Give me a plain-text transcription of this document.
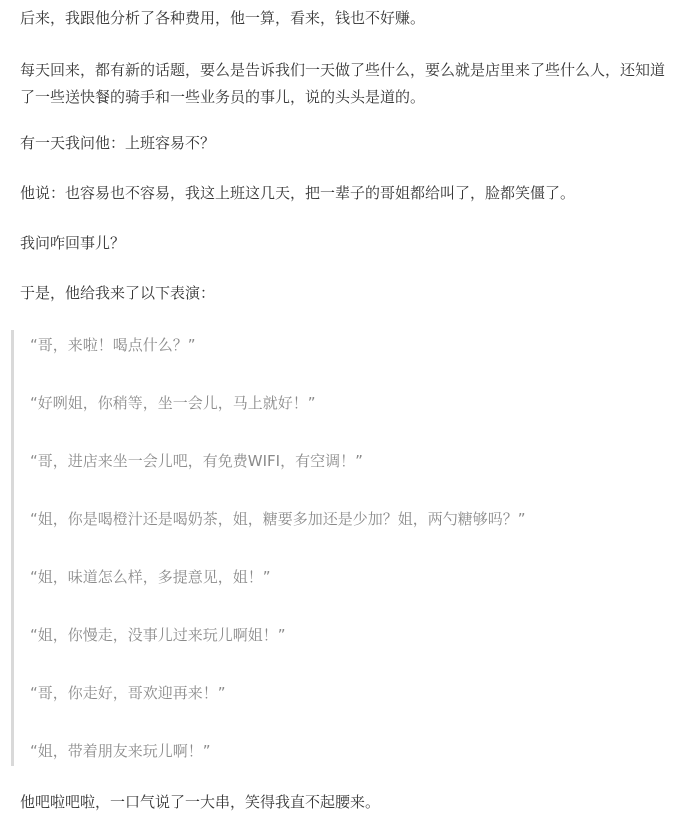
后来，我跟他分析了各种费用，他一算，看来，钱也不好赚。

每天回来，都有新的话题，要么是告诉我们一天做了些什么，要么就是店里来了些什么人，还知道了一些送快餐的骑手和一些业务员的事儿，说的头头是道的。

有一天我问他：上班容易不？

他说：也容易也不容易，我这上班这几天，把一辈子的哥姐都给叫了，脸都笑僵了。

我问咋回事儿？

于是，他给我来了以下表演：

“哥，来啦！喝点什么？”

“好咧姐，你稍等，坐一会儿，马上就好！”

“哥，进店来坐一会儿吧，有免费WIFI，有空调！”

“姐，你是喝橙汁还是喝奶茶，姐，糖要多加还是少加？姐，两勺糖够吗？”

“姐，味道怎么样，多提意见，姐！”

“姐，你慢走，没事儿过来玩儿啊姐！”

“哥，你走好，哥欢迎再来！”

“姐，带着朋友来玩儿啊！”

他吧啦吧啦，一口气说了一大串，笑得我直不起腰来。
